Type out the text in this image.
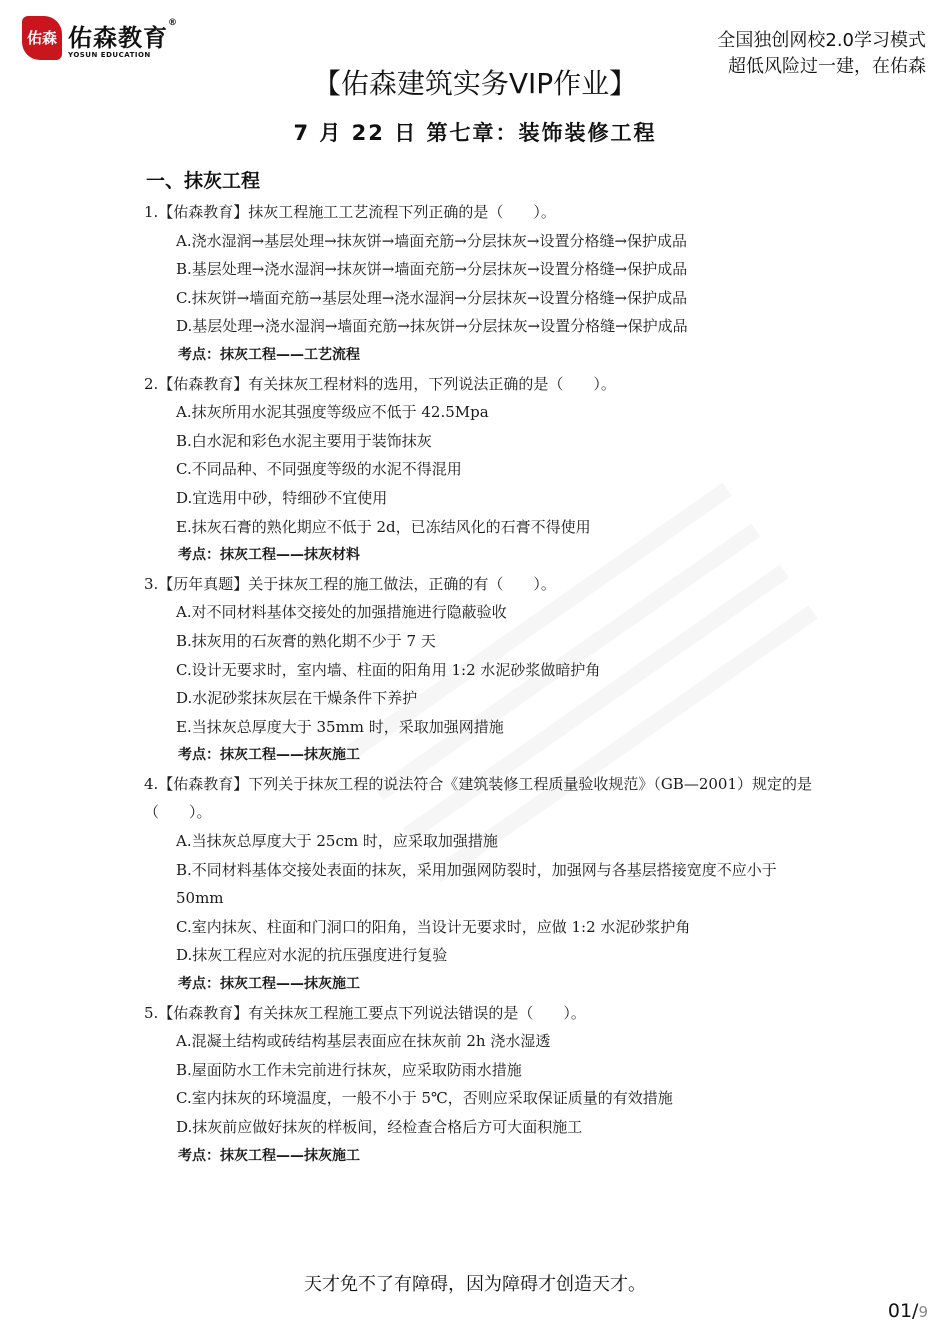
佑森 佑森教育®
YOSUN EDUCATION
全国独创网校2.0学习模式
超低风险过一建，在佑森
【佑森建筑实务VIP作业】
7 月 22 日 第七章：装饰装修工程
一、抹灰工程
1.【佑森教育】抹灰工程施工工艺流程下列正确的是（　　）。
A.浇水湿润→基层处理→抹灰饼→墙面充筋→分层抹灰→设置分格缝→保护成品
B.基层处理→浇水湿润→抹灰饼→墙面充筋→分层抹灰→设置分格缝→保护成品
C.抹灰饼→墙面充筋→基层处理→浇水湿润→分层抹灰→设置分格缝→保护成品
D.基层处理→浇水湿润→墙面充筋→抹灰饼→分层抹灰→设置分格缝→保护成品
考点：抹灰工程——工艺流程
2.【佑森教育】有关抹灰工程材料的选用，下列说法正确的是（　　）。
A.抹灰所用水泥其强度等级应不低于 42.5Mpa
B.白水泥和彩色水泥主要用于装饰抹灰
C.不同品种、不同强度等级的水泥不得混用
D.宜选用中砂，特细砂不宜使用
E.抹灰石膏的熟化期应不低于 2d，已冻结风化的石膏不得使用
考点：抹灰工程——抹灰材料
3.【历年真题】关于抹灰工程的施工做法，正确的有（　　）。
A.对不同材料基体交接处的加强措施进行隐蔽验收
B.抹灰用的石灰膏的熟化期不少于 7 天
C.设计无要求时，室内墙、柱面的阳角用 1:2 水泥砂浆做暗护角
D.水泥砂浆抹灰层在干燥条件下养护
E.当抹灰总厚度大于 35mm 时，采取加强网措施
考点：抹灰工程——抹灰施工
4.【佑森教育】下列关于抹灰工程的说法符合《建筑装修工程质量验收规范》（GB—2001）规定的是（　　）。
A.当抹灰总厚度大于 25cm 时，应采取加强措施
B.不同材料基体交接处表面的抹灰，采用加强网防裂时，加强网与各基层搭接宽度不应小于 50mm
C.室内抹灰、柱面和门洞口的阳角，当设计无要求时，应做 1:2 水泥砂浆护角
D.抹灰工程应对水泥的抗压强度进行复验
考点：抹灰工程——抹灰施工
5.【佑森教育】有关抹灰工程施工要点下列说法错误的是（　　）。
A.混凝土结构或砖结构基层表面应在抹灰前 2h 浇水湿透
B.屋面防水工作未完前进行抹灰，应采取防雨水措施
C.室内抹灰的环境温度，一般不小于 5℃，否则应采取保证质量的有效措施
D.抹灰前应做好抹灰的样板间，经检查合格后方可大面积施工
考点：抹灰工程——抹灰施工
天才免不了有障碍，因为障碍才创造天才。
01/9
